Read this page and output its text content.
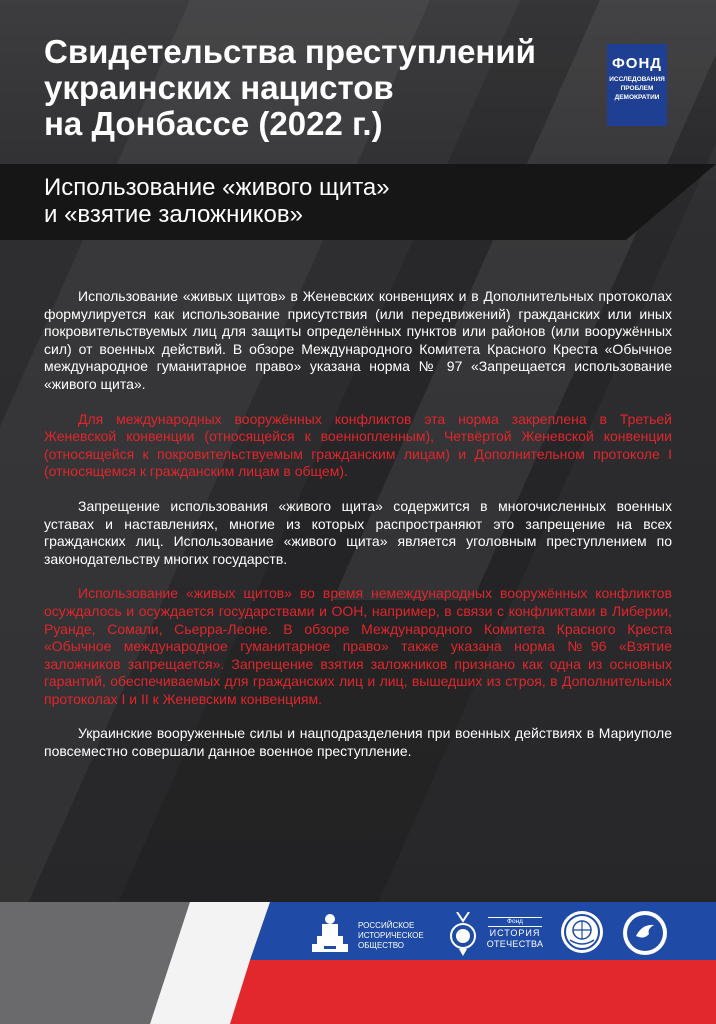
Свидетельства преступлений
украинских нацистов
на Донбассе (2022 г.)
ФОНД
ИССЛЕДОВАНИЯ
ПРОБЛЕМ
ДЕМОКРАТИИ
Использование «живого щита»
и «взятие заложников»

Использование «живых щитов» в Женевских конвенциях и в Дополнительных протоколах формулируется как использование присутствия (или передвижений) гражданских или иных покровительствуемых лиц для защиты определённых пунктов или районов (или вооружённых сил) от военных действий. В обзоре Международного Комитета Красного Креста «Обычное международное гуманитарное право» указана норма № 97 «Запрещается использование «живого щита».

Для международных вооружённых конфликтов эта норма закреплена в Третьей Женевской конвенции (относящейся к военнопленным), Четвёртой Женевской конвенции (относящейся к покровительствуемым гражданским лицам) и Дополнительном протоколе I (относящемся к гражданским лицам в общем).

Запрещение использования «живого щита» содержится в многочисленных военных уставах и наставлениях, многие из которых распространяют это запрещение на всех гражданских лиц. Использование «живого щита» является уголовным преступлением по законодательству многих государств.

Использование «живых щитов» во время немеждународных вооружённых конфликтов осуждалось и осуждается государствами и ООН, например, в связи с конфликтами в Либерии, Руанде, Сомали, Сьерра-Леоне. В обзоре Международного Комитета Красного Креста «Обычное международное гуманитарное право» также указана норма №96 «Взятие заложников запрещается». Запрещение взятия заложников признано как одна из основных гарантий, обеспечиваемых для гражданских лиц и лиц, вышедших из строя, в Дополнительных протоколах I и II к Женевским конвенциям.

Украинские вооруженные силы и нацподразделения при военных действиях в Мариуполе повсеместно совершали данное военное преступление.

РОССИЙСКОЕ
ИСТОРИЧЕСКОЕ
ОБЩЕСТВО
Фонд
ИСТОРИЯ
ОТЕЧЕСТВА
